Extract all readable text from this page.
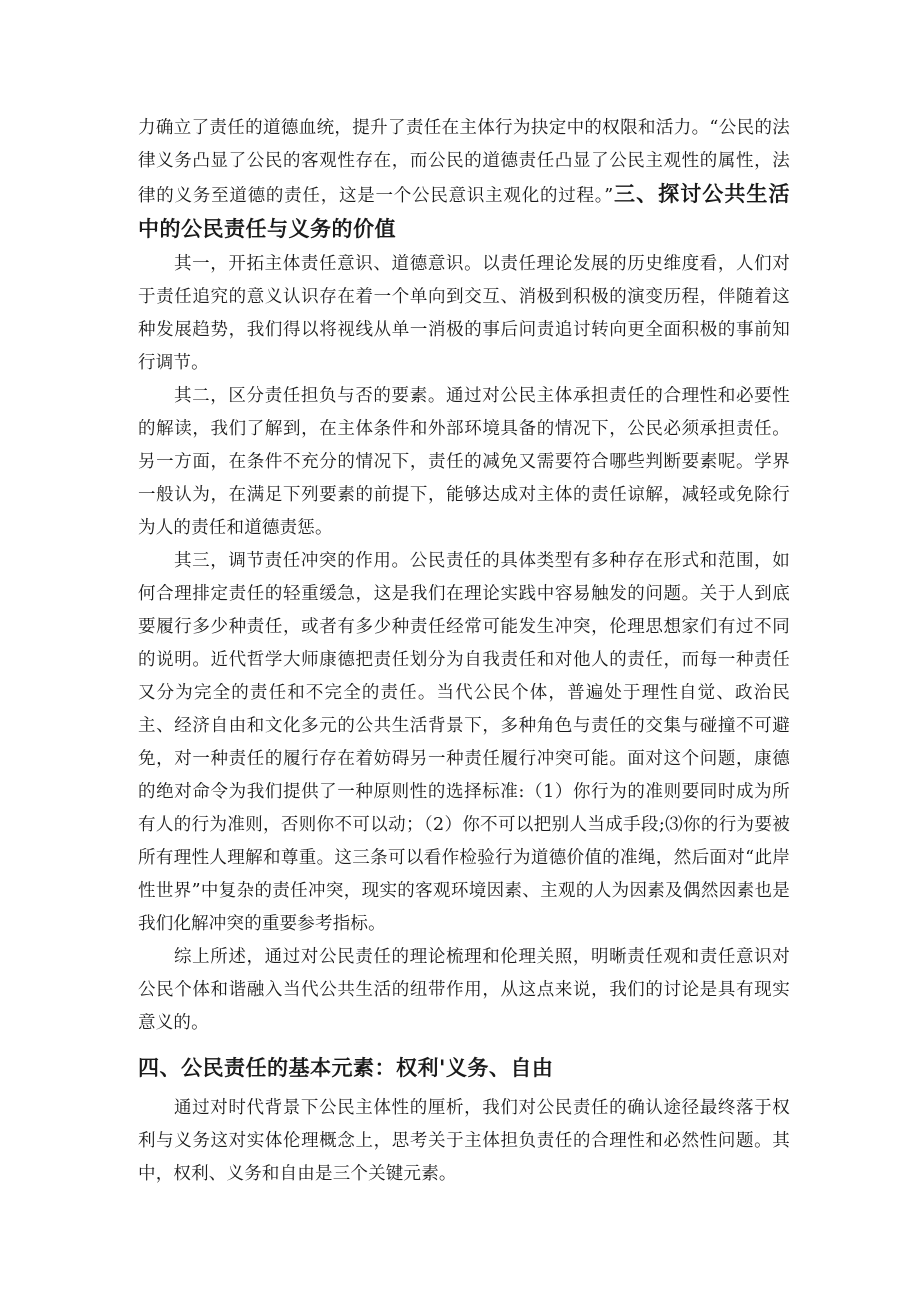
力确立了责任的道德血统，提升了责任在主体行为抉定中的权限和活力。“公民的法律义务凸显了公民的客观性存在，而公民的道德责任凸显了公民主观性的属性，法律的义务至道德的责任，这是一个公民意识主观化的过程。”三、探讨公共生活中的公民责任与义务的价值

其一，开拓主体责任意识、道德意识。以责任理论发展的历史维度看，人们对于责任追究的意义认识存在着一个单向到交互、消极到积极的演变历程，伴随着这种发展趋势，我们得以将视线从单一消极的事后问责追讨转向更全面积极的事前知行调节。

其二，区分责任担负与否的要素。通过对公民主体承担责任的合理性和必要性的解读，我们了解到，在主体条件和外部环境具备的情况下，公民必须承担责任。另一方面，在条件不充分的情况下，责任的减免又需要符合哪些判断要素呢。学界一般认为，在满足下列要素的前提下，能够达成对主体的责任谅解，减轻或免除行为人的责任和道德责惩。

其三，调节责任冲突的作用。公民责任的具体类型有多种存在形式和范围，如何合理排定责任的轻重缓急，这是我们在理论实践中容易触发的问题。关于人到底要履行多少种责任，或者有多少种责任经常可能发生冲突，伦理思想家们有过不同的说明。近代哲学大师康德把责任划分为自我责任和对他人的责任，而每一种责任又分为完全的责任和不完全的责任。当代公民个体，普遍处于理性自觉、政治民主、经济自由和文化多元的公共生活背景下，多种角色与责任的交集与碰撞不可避免，对一种责任的履行存在着妨碍另一种责任履行冲突可能。面对这个问题，康德的绝对命令为我们提供了一种原则性的选择标准:（1）你行为的准则要同时成为所有人的行为准则，否则你不可以动；（2）你不可以把别人当成手段;⑶你的行为要被所有理性人理解和尊重。这三条可以看作检验行为道德价值的准绳，然后面对“此岸性世界”中复杂的责任冲突，现实的客观环境因素、主观的人为因素及偶然因素也是我们化解冲突的重要参考指标。

综上所述，通过对公民责任的理论梳理和伦理关照，明晰责任观和责任意识对公民个体和谐融入当代公共生活的纽带作用，从这点来说，我们的讨论是具有现实意义的。

四、公民责任的基本元素：权利'义务、自由

通过对时代背景下公民主体性的厘析，我们对公民责任的确认途径最终落于权利与义务这对实体伦理概念上，思考关于主体担负责任的合理性和必然性问题。其中，权利、义务和自由是三个关键元素。
